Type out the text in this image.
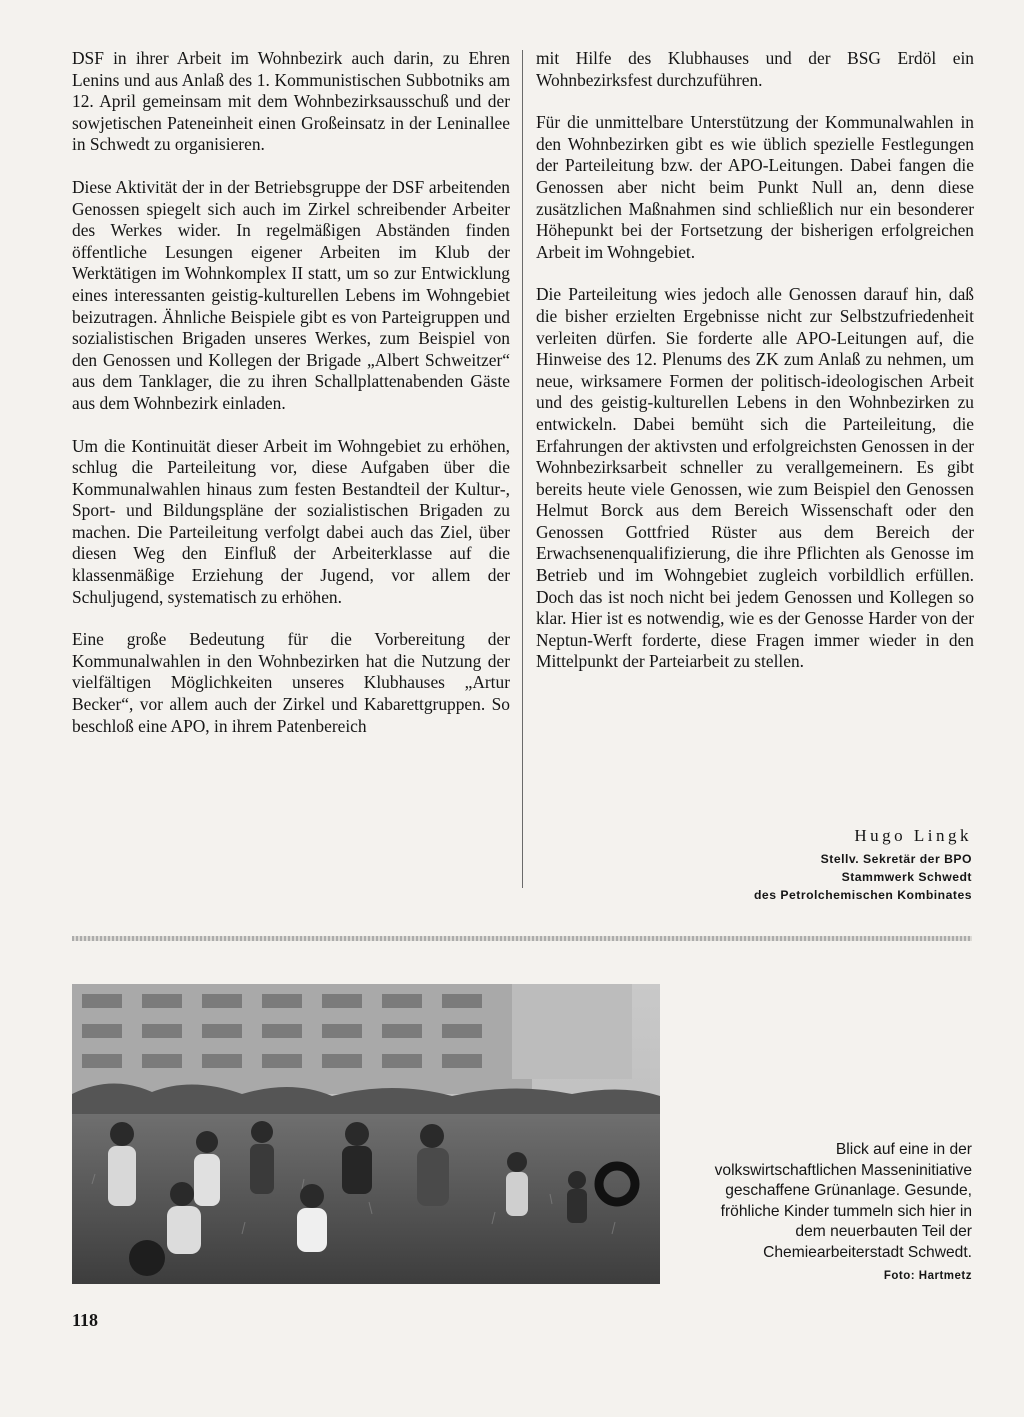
DSF in ihrer Arbeit im Wohnbezirk auch darin, zu Ehren Lenins und aus Anlaß des 1. Kommunistischen Subbotniks am 12. April gemeinsam mit dem Wohnbezirksausschuß und der sowjetischen Pateneinheit einen Großeinsatz in der Leninallee in Schwedt zu organisieren.

Diese Aktivität der in der Betriebsgruppe der DSF arbeitenden Genossen spiegelt sich auch im Zirkel schreibender Arbeiter des Werkes wider. In regelmäßigen Abständen finden öffentliche Lesungen eigener Arbeiten im Klub der Werktätigen im Wohnkomplex II statt, um so zur Entwicklung eines interessanten geistig-kulturellen Lebens im Wohngebiet beizutragen. Ähnliche Beispiele gibt es von Parteigruppen und sozialistischen Brigaden unseres Werkes, zum Beispiel von den Genossen und Kollegen der Brigade „Albert Schweitzer“ aus dem Tanklager, die zu ihren Schallplattenabenden Gäste aus dem Wohnbezirk einladen.

Um die Kontinuität dieser Arbeit im Wohngebiet zu erhöhen, schlug die Parteileitung vor, diese Aufgaben über die Kommunalwahlen hinaus zum festen Bestandteil der Kultur-, Sport- und Bildungspläne der sozialistischen Brigaden zu machen. Die Parteileitung verfolgt dabei auch das Ziel, über diesen Weg den Einfluß der Arbeiterklasse auf die klassenmäßige Erziehung der Jugend, vor allem der Schuljugend, systematisch zu erhöhen.

Eine große Bedeutung für die Vorbereitung der Kommunalwahlen in den Wohnbezirken hat die Nutzung der vielfältigen Möglichkeiten unseres Klubhauses „Artur Becker“, vor allem auch der Zirkel und Kabarettgruppen. So beschloß eine APO, in ihrem Patenbereich

mit Hilfe des Klubhauses und der BSG Erdöl ein Wohnbezirksfest durchzuführen.

Für die unmittelbare Unterstützung der Kommunalwahlen in den Wohnbezirken gibt es wie üblich spezielle Festlegungen der Parteileitung bzw. der APO-Leitungen. Dabei fangen die Genossen aber nicht beim Punkt Null an, denn diese zusätzlichen Maßnahmen sind schließlich nur ein besonderer Höhepunkt bei der Fortsetzung der bisherigen erfolgreichen Arbeit im Wohngebiet.

Die Parteileitung wies jedoch alle Genossen darauf hin, daß die bisher erzielten Ergebnisse nicht zur Selbstzufriedenheit verleiten dürfen. Sie forderte alle APO-Leitungen auf, die Hinweise des 12. Plenums des ZK zum Anlaß zu nehmen, um neue, wirksamere Formen der politisch-ideologischen Arbeit und des geistig-kulturellen Lebens in den Wohnbezirken zu entwickeln. Dabei bemüht sich die Parteileitung, die Erfahrungen der aktivsten und erfolgreichsten Genossen in der Wohnbezirksarbeit schneller zu verallgemeinern. Es gibt bereits heute viele Genossen, wie zum Beispiel den Genossen Helmut Borck aus dem Bereich Wissenschaft oder den Genossen Gottfried Rüster aus dem Bereich der Erwachsenenqualifizierung, die ihre Pflichten als Genosse im Betrieb und im Wohngebiet zugleich vorbildlich erfüllen. Doch das ist noch nicht bei jedem Genossen und Kollegen so klar. Hier ist es notwendig, wie es der Genosse Harder von der Neptun-Werft forderte, diese Fragen immer wieder in den Mittelpunkt der Parteiarbeit zu stellen.

Hugo Lingk
Stellv. Sekretär der BPO
Stammwerk Schwedt
des Petrolchemischen Kombinates
Blick auf eine in der volkswirtschaftlichen Masseninitiative geschaffene Grünanlage. Gesunde, fröhliche Kinder tummeln sich hier in dem neuerbauten Teil der Chemiearbeiterstadt Schwedt.
Foto: Hartmetz
118
